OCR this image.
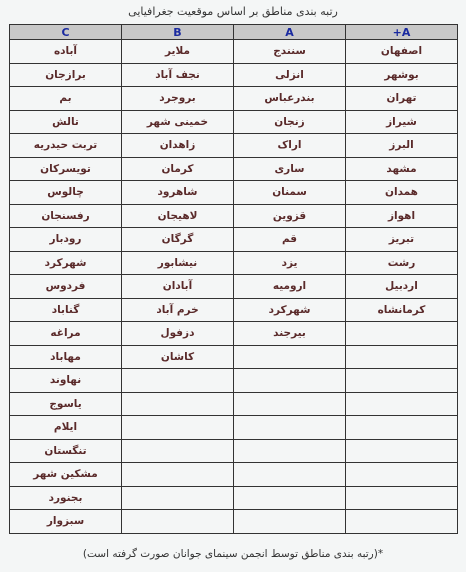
رتبه بندی مناطق بر اساس موقعیت جغرافیایی
C	B	A	A+
آباده	ملایر	سنندج	اصفهان
برازجان	نجف آباد	انزلی	بوشهر
بم	بروجرد	بندرعباس	تهران
تالش	خمینی شهر	زنجان	شیراز
تربت حیدریه	زاهدان	اراک	البرز
تویسرکان	کرمان	ساری	مشهد
چالوس	شاهرود	سمنان	همدان
رفسنجان	لاهیجان	قزوین	اهواز
رودبار	گرگان	قم	تبریز
شهرکرد	نیشابور	یزد	رشت
فردوس	آبادان	ارومیه	اردبیل
گناباد	خرم آباد	شهرکرد	کرمانشاه
مراغه	دزفول	بیرجند	
مهاباد	کاشان		
نهاوند			
یاسوج			
ایلام			
تنگستان			
مشکین شهر			
بجنورد			
سبزوار			
*(رتبه بندی مناطق توسط انجمن سینمای جوانان صورت گرفته است)
